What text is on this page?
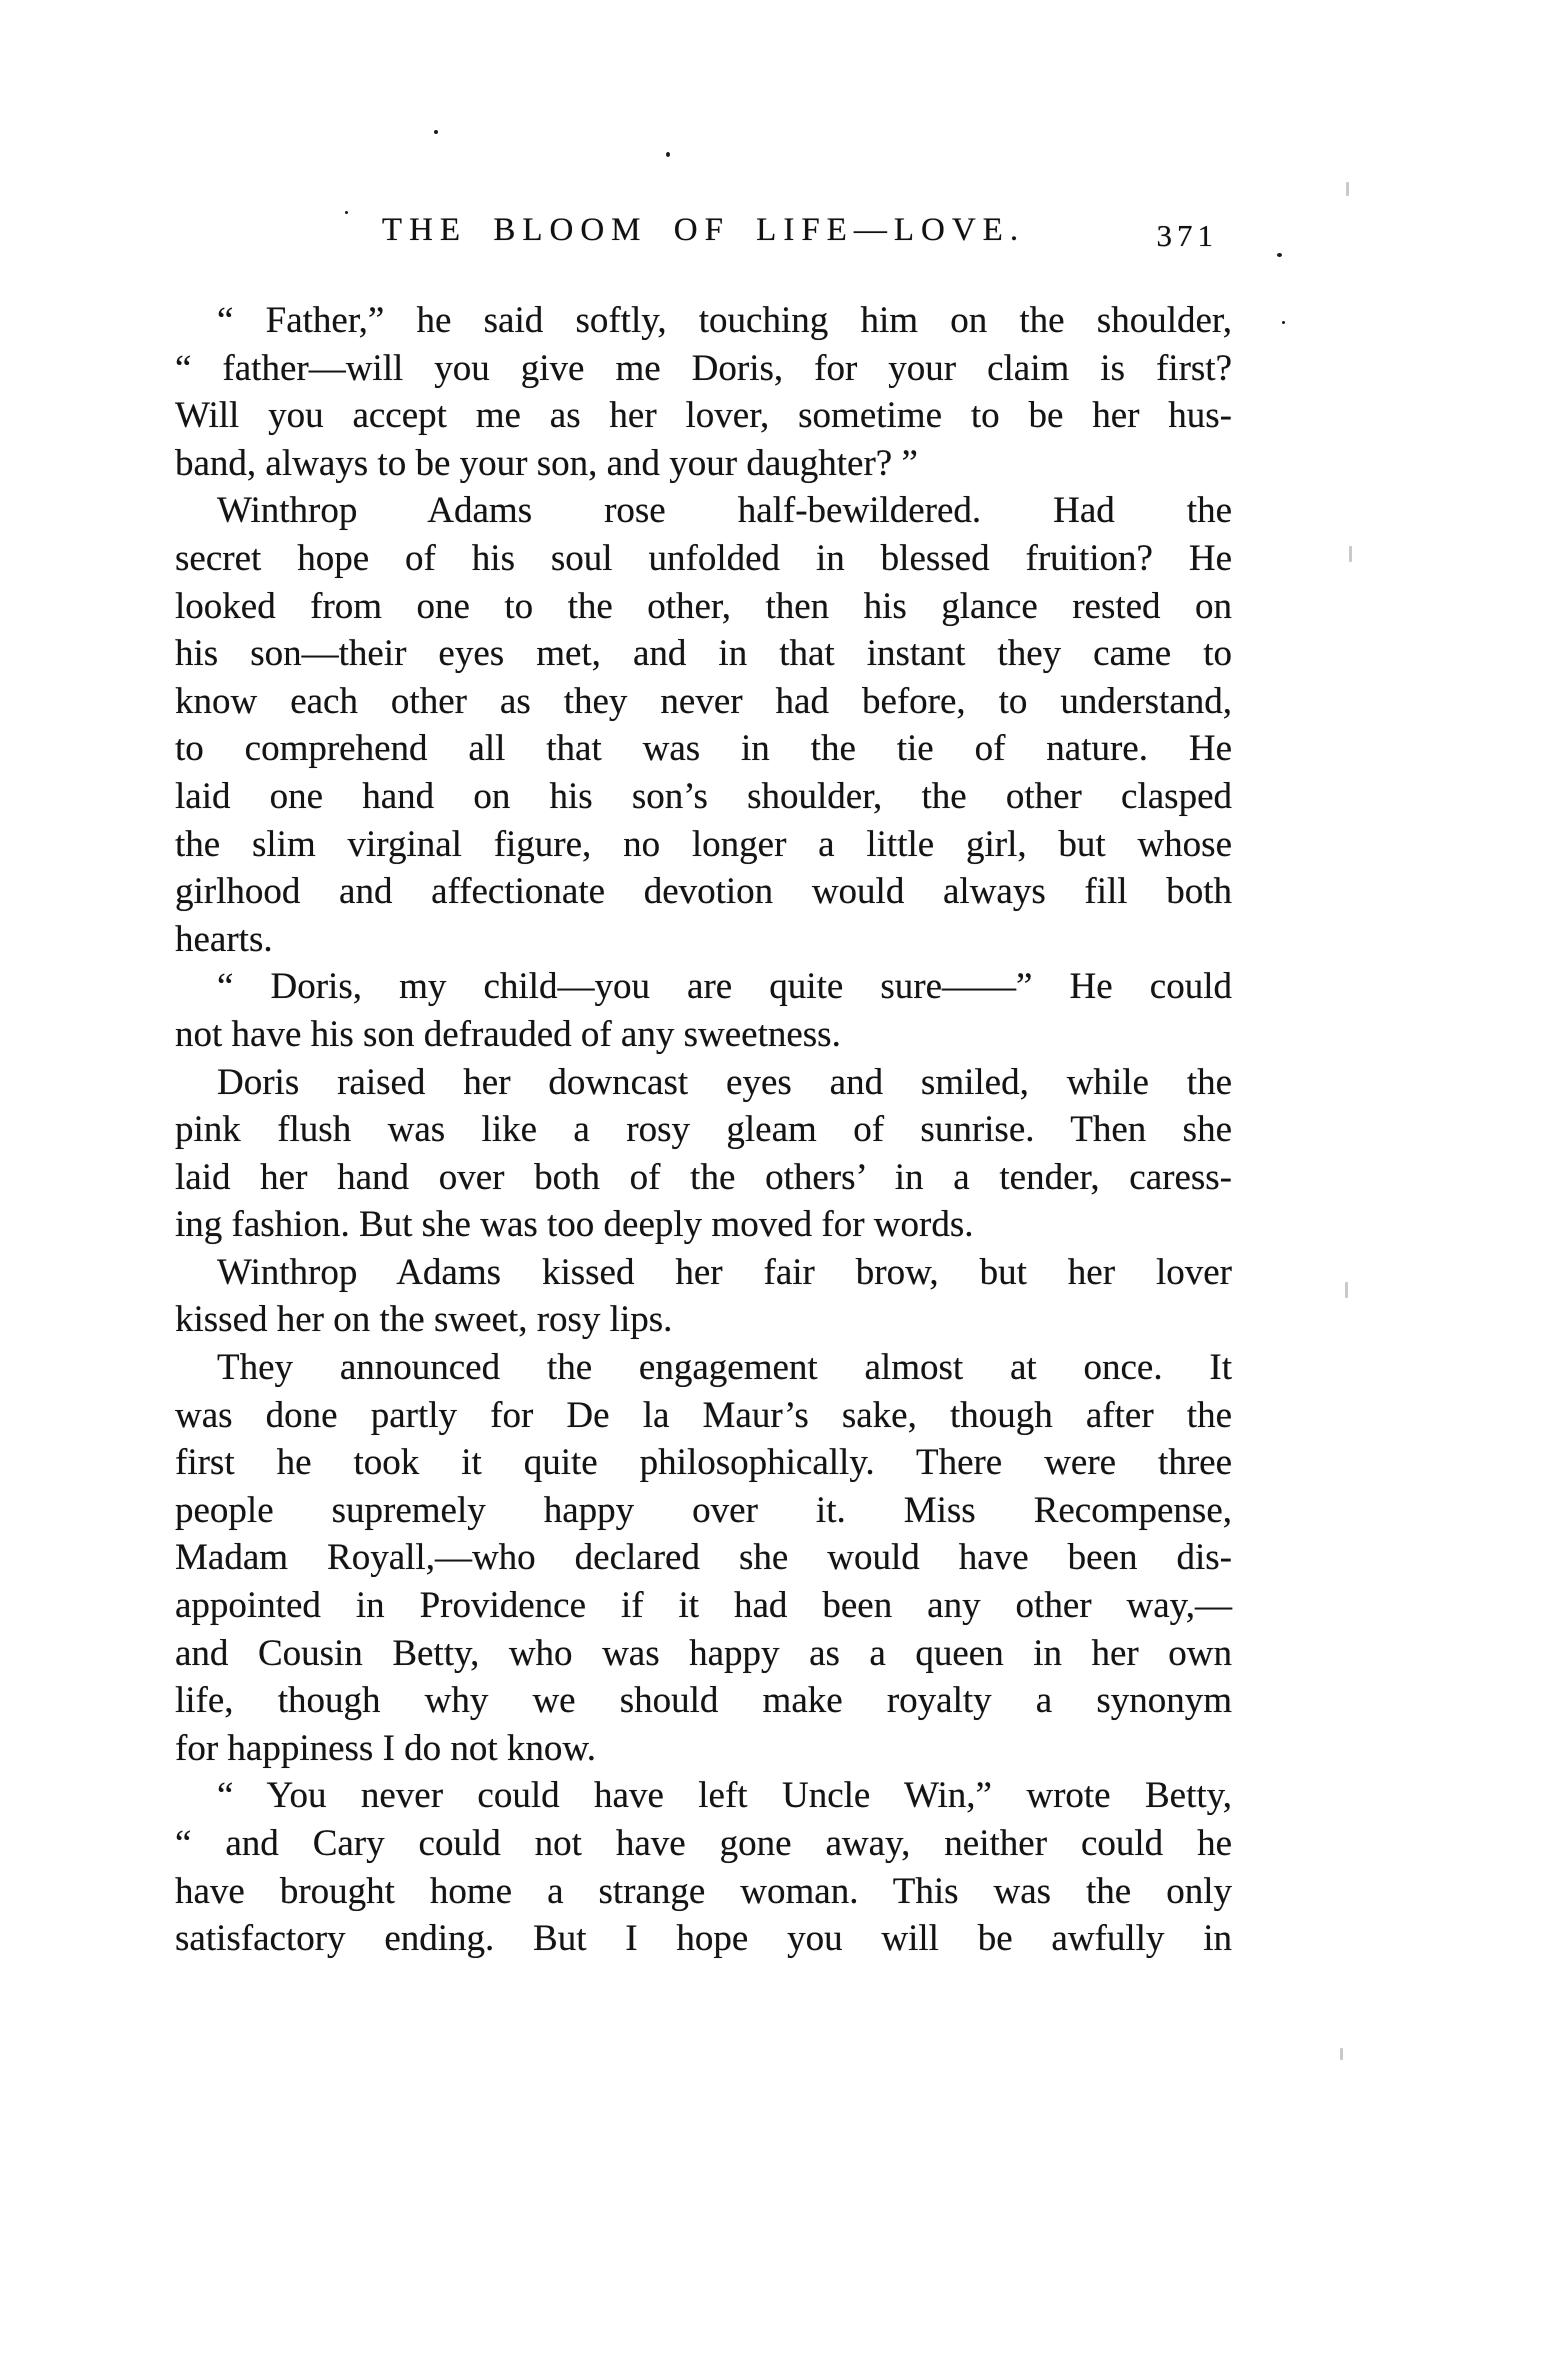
THE BLOOM OF LIFE—LOVE.	371
“ Father,” he said softly, touching him on the shoulder,
“ father—will you give me Doris, for your claim is first?
Will you accept me as her lover, sometime to be her hus-
band, always to be your son, and your daughter? ”
Winthrop Adams rose half-bewildered. Had the
secret hope of his soul unfolded in blessed fruition? He
looked from one to the other, then his glance rested on
his son—their eyes met, and in that instant they came to
know each other as they never had before, to understand,
to comprehend all that was in the tie of nature. He
laid one hand on his son’s shoulder, the other clasped
the slim virginal figure, no longer a little girl, but whose
girlhood and affectionate devotion would always fill both
hearts.
“ Doris, my child—you are quite sure——” He could
not have his son defrauded of any sweetness.
Doris raised her downcast eyes and smiled, while the
pink flush was like a rosy gleam of sunrise. Then she
laid her hand over both of the others’ in a tender, caress-
ing fashion. But she was too deeply moved for words.
Winthrop Adams kissed her fair brow, but her lover
kissed her on the sweet, rosy lips.
They announced the engagement almost at once. It
was done partly for De la Maur’s sake, though after the
first he took it quite philosophically. There were three
people supremely happy over it. Miss Recompense,
Madam Royall,—who declared she would have been dis-
appointed in Providence if it had been any other way,—
and Cousin Betty, who was happy as a queen in her own
life, though why we should make royalty a synonym
for happiness I do not know.
“ You never could have left Uncle Win,” wrote Betty,
“ and Cary could not have gone away, neither could he
have brought home a strange woman. This was the only
satisfactory ending. But I hope you will be awfully in
